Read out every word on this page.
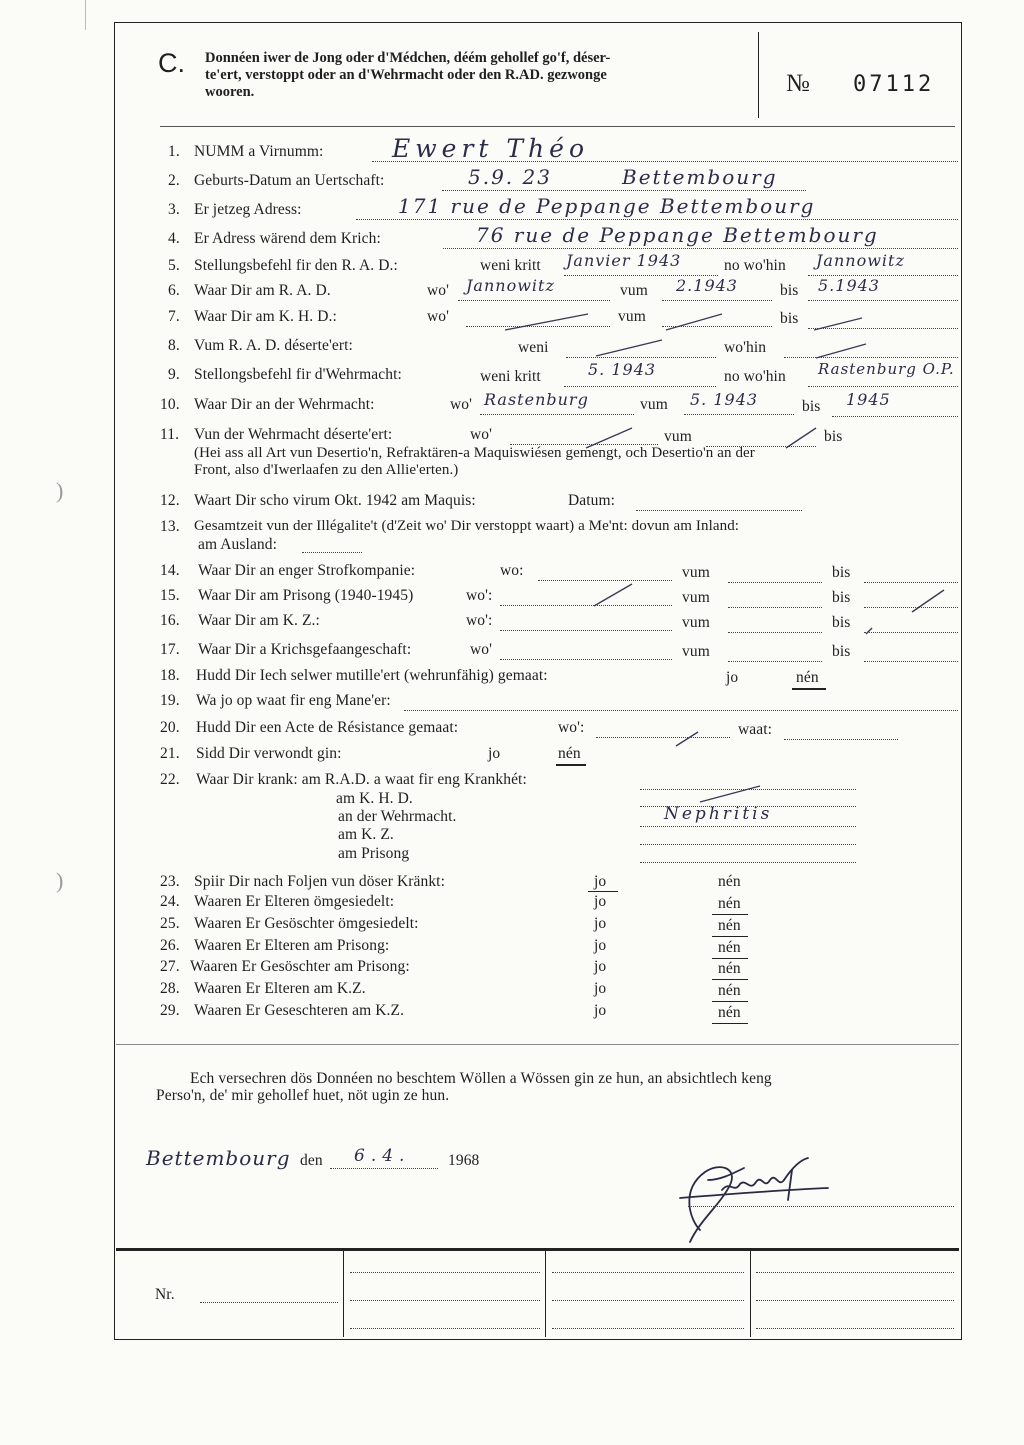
)
)
C. Donnéen iwer de Jong oder d'Médchen, déém gehollef go'f, déser-
te'ert, verstoppt oder an d'Wehrmacht oder den R.AD. gezwonge
wooren.	№ 07112
1. NUMM a Virnumm:	Ewert Théo
2. Geburts-Datum an Uertschaft:	5.9. 23	Bettembourg
3. Er jetzeg Adress:	171 rue de Peppange Bettembourg
4. Er Adress wärend dem Krich:	76 rue de Peppange Bettembourg
5. Stellungsbefehl fir den R. A. D.:	weni kritt Janvier 1943	no wo'hin Jannowitz
6. Waar Dir am R. A. D.	wo' Jannowitz	vum 2.1943	bis 5.1943
7. Waar Dir am K. H. D.:	wo'	vum	bis
8. Vum R. A. D. déserte'ert:	weni	wo'hin
9. Stellongsbefehl fir d'Wehrmacht:	weni kritt	5. 1943	no wo'hin Rastenburg O.P.
10. Waar Dir an der Wehrmacht:	wo' Rastenburg	vum 5. 1943	bis 1945
11. Vun der Wehrmacht déserte'ert:	wo'	vum	bis
(Hei ass all Art vun Desertio'n, Refraktären-a Maquiswiésen gemengt, och Desertio'n an der
Front, also d'Iwerlaafen zu den Allie'erten.)
12. Waart Dir scho virum Okt. 1942 am Maquis:	Datum:
13. Gesamtzeit vun der Illégalite't (d'Zeit wo' Dir verstoppt waart) a Me'nt: dovun am Inland:
am Ausland:
14. Waar Dir an enger Strofkompanie:	wo:	vum	bis
15. Waar Dir am Prisong (1940-1945)	wo':	vum	bis
16. Waar Dir am K. Z.:	wo':	vum	bis
17. Waar Dir a Krichsgefaangeschaft:	wo'	vum	bis
18. Hudd Dir Iech selwer mutille'ert (wehrunfähig) gemaat:	jo	nén
19. Wa jo op waat fir eng Mane'er:
20. Hudd Dir een Acte de Résistance gemaat:	wo':	waat:
21. Sidd Dir verwondt gin:	jo	nén
22. Waar Dir krank: am R.A.D. a waat fir eng Krankhét:
am K. H. D.
an der Wehrmacht.	Nephritis
am K. Z.
am Prisong
23. Spiir Dir nach Foljen vun döser Kränkt:	jo	nén
24. Waaren Er Elteren ömgesiedelt:	jo	nén
25. Waaren Er Gesöschter ömgesiedelt:	jo	nén
26. Waaren Er Elteren am Prisong:	jo	nén
27. Waaren Er Gesöschter am Prisong:	jo	nén
28. Waaren Er Elteren am K.Z.	jo	nén
29. Waaren Er Geseschteren am K.Z.	jo	nén
Ech versechren dös Donnéen no beschtem Wöllen a Wössen gin ze hun, an absichtlech keng
Perso'n, de' mir gehollef huet, nöt ugin ze hun.
Bettembourg den 6.4. 1968
Nr.
